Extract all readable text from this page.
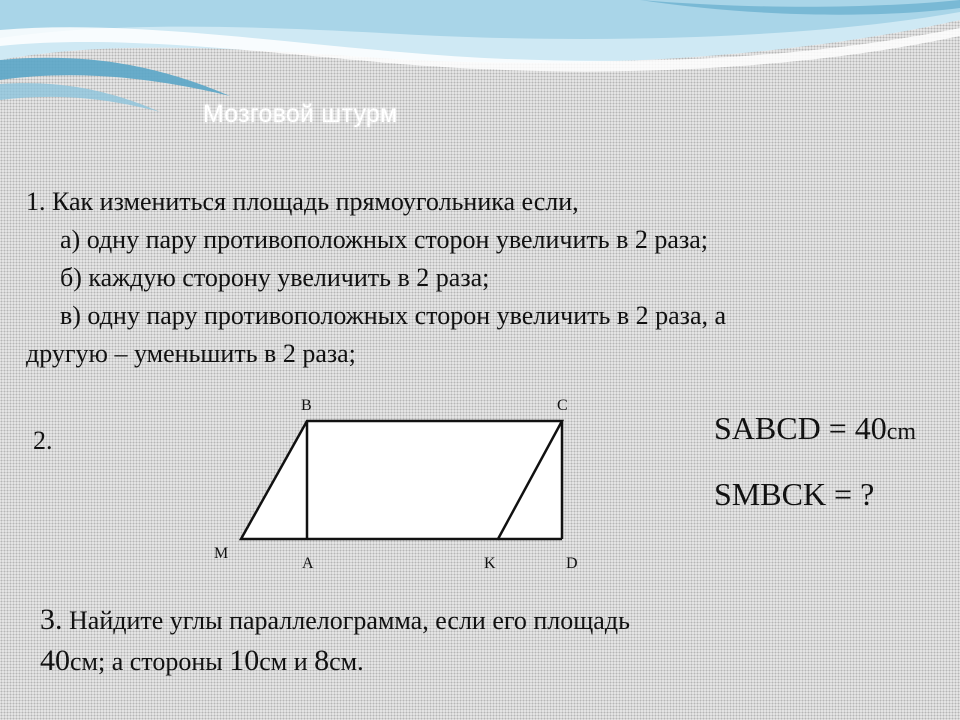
Мозговой штурм
1. Как измениться площадь прямоугольника если,
а) одну пару противоположных сторон увеличить в 2 раза;
б) каждую сторону увеличить в 2 раза;
в) одну пару противоположных сторон увеличить в 2 раза, а
другую – уменьшить в 2 раза;
2.
B	C
M
A	K	D
SABCD = 40cm
SMBCK = ?
3. Найдите углы параллелограмма, если его площадь
40см; а стороны 10см и 8см.
